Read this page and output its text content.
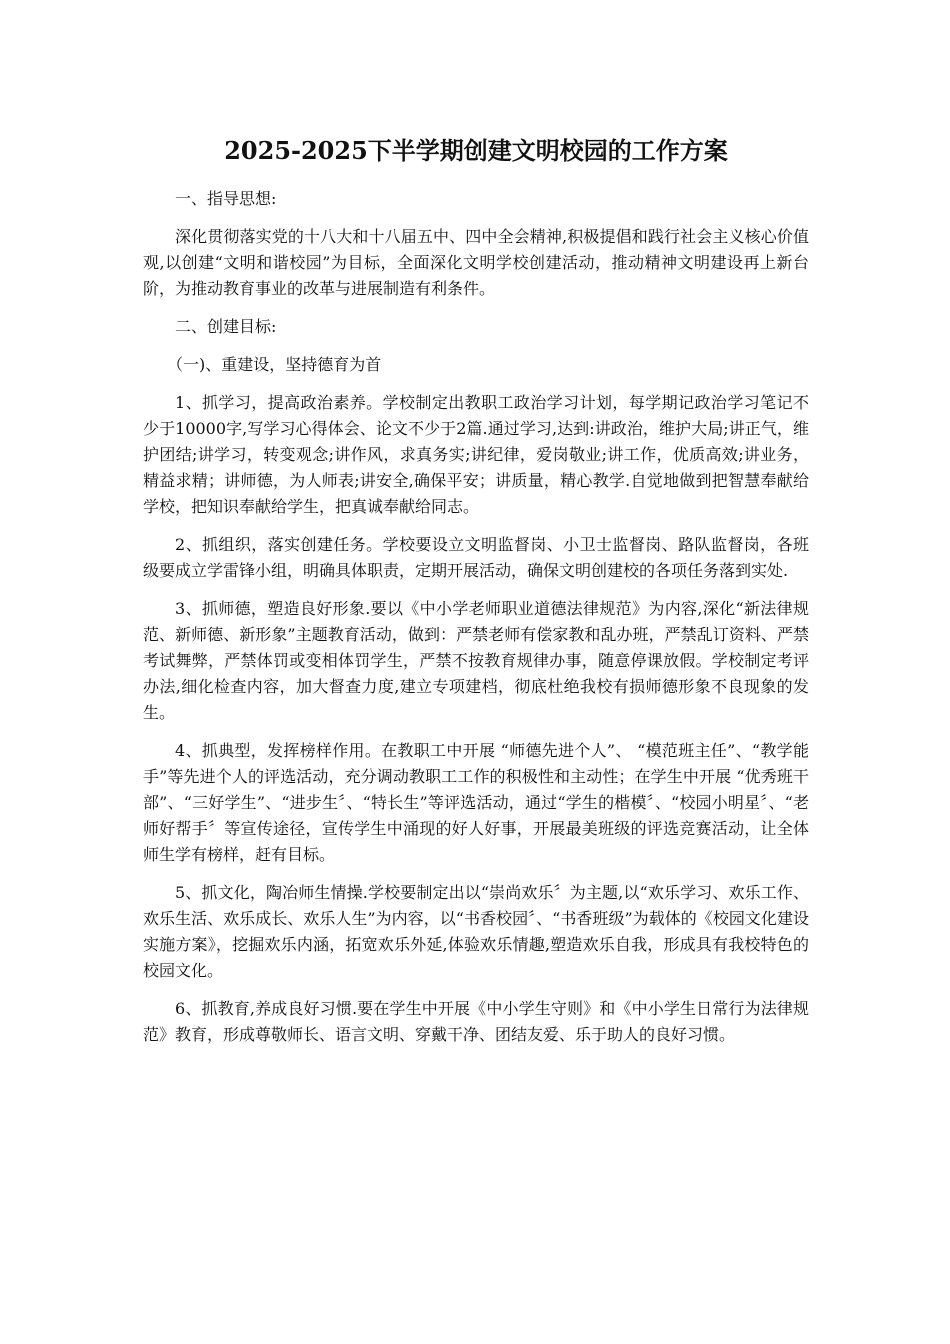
2025-2025下半学期创建文明校园的工作方案

一、指导思想:

深化贯彻落实党的十八大和十八届五中、四中全会精神,积极提倡和践行社会主义核心价值观,以创建“文明和谐校园”为目标，全面深化文明学校创建活动，推动精神文明建设再上新台阶，为推动教育事业的改革与进展制造有利条件。

二、创建目标:

（一)、重建设，坚持德育为首

1、抓学习，提高政治素养。学校制定出教职工政治学习计划，每学期记政治学习笔记不少于10000字,写学习心得体会、论文不少于2篇.通过学习,达到:讲政治，维护大局;讲正气，维护团结;讲学习，转变观念;讲作风，求真务实;讲纪律，爱岗敬业;讲工作，优质高效;讲业务，精益求精；讲师德，为人师表;讲安全,确保平安；讲质量，精心教学.自觉地做到把智慧奉献给学校，把知识奉献给学生，把真诚奉献给同志。

2、抓组织，落实创建任务。学校要设立文明监督岗、小卫士监督岗、路队监督岗，各班级要成立学雷锋小组，明确具体职责，定期开展活动，确保文明创建校的各项任务落到实处.

3、抓师德，塑造良好形象.要以《中小学老师职业道德法律规范》为内容,深化“新法律规范、新师德、新形象”主题教育活动，做到：严禁老师有偿家教和乱办班，严禁乱订资料、严禁考试舞弊，严禁体罚或变相体罚学生，严禁不按教育规律办事，随意停课放假。学校制定考评办法,细化检查内容，加大督查力度,建立专项建档，彻底杜绝我校有损师德形象不良现象的发生。

4、抓典型，发挥榜样作用。在教职工中开展 “师德先进个人”、 “模范班主任”、“教学能手”等先进个人的评选活动，充分调动教职工工作的积极性和主动性；在学生中开展 “优秀班干部”、“三好学生”、“进步生〞、“特长生”等评选活动，通过“学生的楷模〞、“校园小明星〞、“老师好帮手〞等宣传途径，宣传学生中涌现的好人好事，开展最美班级的评选竞赛活动，让全体师生学有榜样，赶有目标。

5、抓文化，陶冶师生情操.学校要制定出以“崇尚欢乐〞为主题,以“欢乐学习、欢乐工作、欢乐生活、欢乐成长、欢乐人生”为内容，以“书香校园〞、“书香班级”为载体的《校园文化建设实施方案》，挖掘欢乐内涵，拓宽欢乐外延,体验欢乐情趣,塑造欢乐自我，形成具有我校特色的校园文化。

6、抓教育,养成良好习惯.要在学生中开展《中小学生守则》和《中小学生日常行为法律规范》教育，形成尊敬师长、语言文明、穿戴干净、团结友爱、乐于助人的良好习惯。
